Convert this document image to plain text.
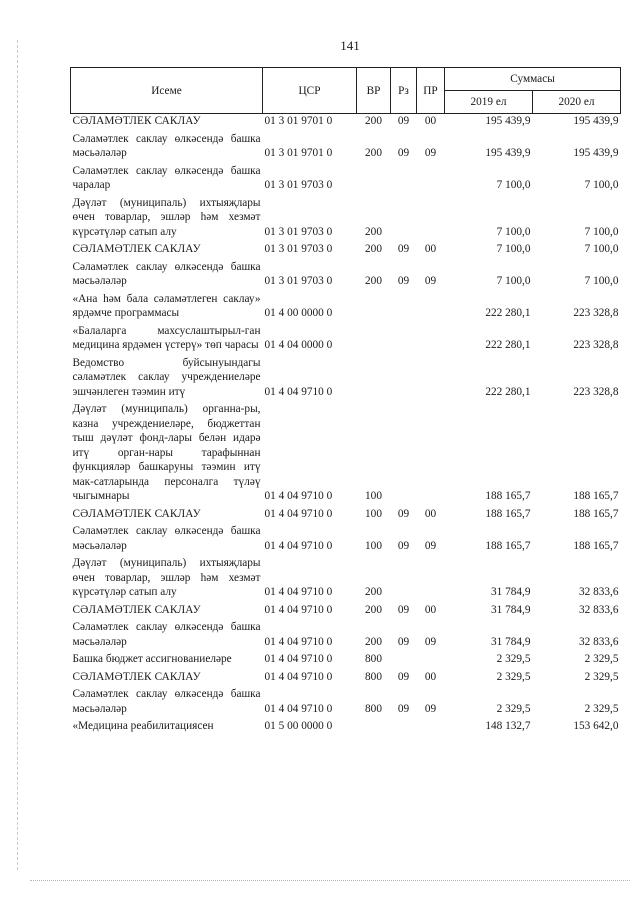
141
Исеме	ЦСР	ВР	Рз	ПР	Суммасы	
					2019 ел	2020 ел
СӘЛАМӘТЛЕК САКЛАУ	01 3 01 9701 0	200	09	00	195 439,9	195 439,9
Сәламәтлек саклау өлкәсендә башка мәсьәләләр	01 3 01 9701 0	200	09	09	195 439,9	195 439,9
Сәламәтлек саклау өлкәсендә башка чаралар	01 3 01 9703 0				7 100,0	7 100,0
Дәүләт (муниципаль) ихтыяҗлары өчен товарлар, эшләр һәм хезмәт күрсәтүләр сатып алу	01 3 01 9703 0	200			7 100,0	7 100,0
СӘЛАМӘТЛЕК САКЛАУ	01 3 01 9703 0	200	09	00	7 100,0	7 100,0
Сәламәтлек саклау өлкәсендә башка мәсьәләләр	01 3 01 9703 0	200	09	09	7 100,0	7 100,0
«Ана һәм бала сәламәтлеген саклау» ярдәмче программасы	01 4 00 0000 0				222 280,1	223 328,8
«Балаларга махсуслаштырыл-ган медицина ярдәмен үстерү» төп чарасы	01 4 04 0000 0				222 280,1	223 328,8
Ведомство буйсынуындагы сәламәтлек саклау учреждениеләре эшчәнлеген тәэмин итү	01 4 04 9710 0				222 280,1	223 328,8
Дәүләт (муниципаль) органна-ры, казна учреждениеләре, бюджеттан тыш дәүләт фонд-лары белән идарә итү орган-нары тарафыннан функцияләр башкаруны тәэмин итү мак-сатларында персоналга түләү чыгымнары	01 4 04 9710 0	100			188 165,7	188 165,7
СӘЛАМӘТЛЕК САКЛАУ	01 4 04 9710 0	100	09	00	188 165,7	188 165,7
Сәламәтлек саклау өлкәсендә башка мәсьәләләр	01 4 04 9710 0	100	09	09	188 165,7	188 165,7
Дәүләт (муниципаль) ихтыяҗлары өчен товарлар, эшләр һәм хезмәт күрсәтүләр сатып алу	01 4 04 9710 0	200			31 784,9	32 833,6
СӘЛАМӘТЛЕК САКЛАУ	01 4 04 9710 0	200	09	00	31 784,9	32 833,6
Сәламәтлек саклау өлкәсендә башка мәсьәләләр	01 4 04 9710 0	200	09	09	31 784,9	32 833,6
Башка бюджет ассигнованиеләре	01 4 04 9710 0	800			2 329,5	2 329,5
СӘЛАМӘТЛЕК САКЛАУ	01 4 04 9710 0	800	09	00	2 329,5	2 329,5
Сәламәтлек саклау өлкәсендә башка мәсьәләләр	01 4 04 9710 0	800	09	09	2 329,5	2 329,5
«Медицина реабилитациясен	01 5 00 0000 0				148 132,7	153 642,0
